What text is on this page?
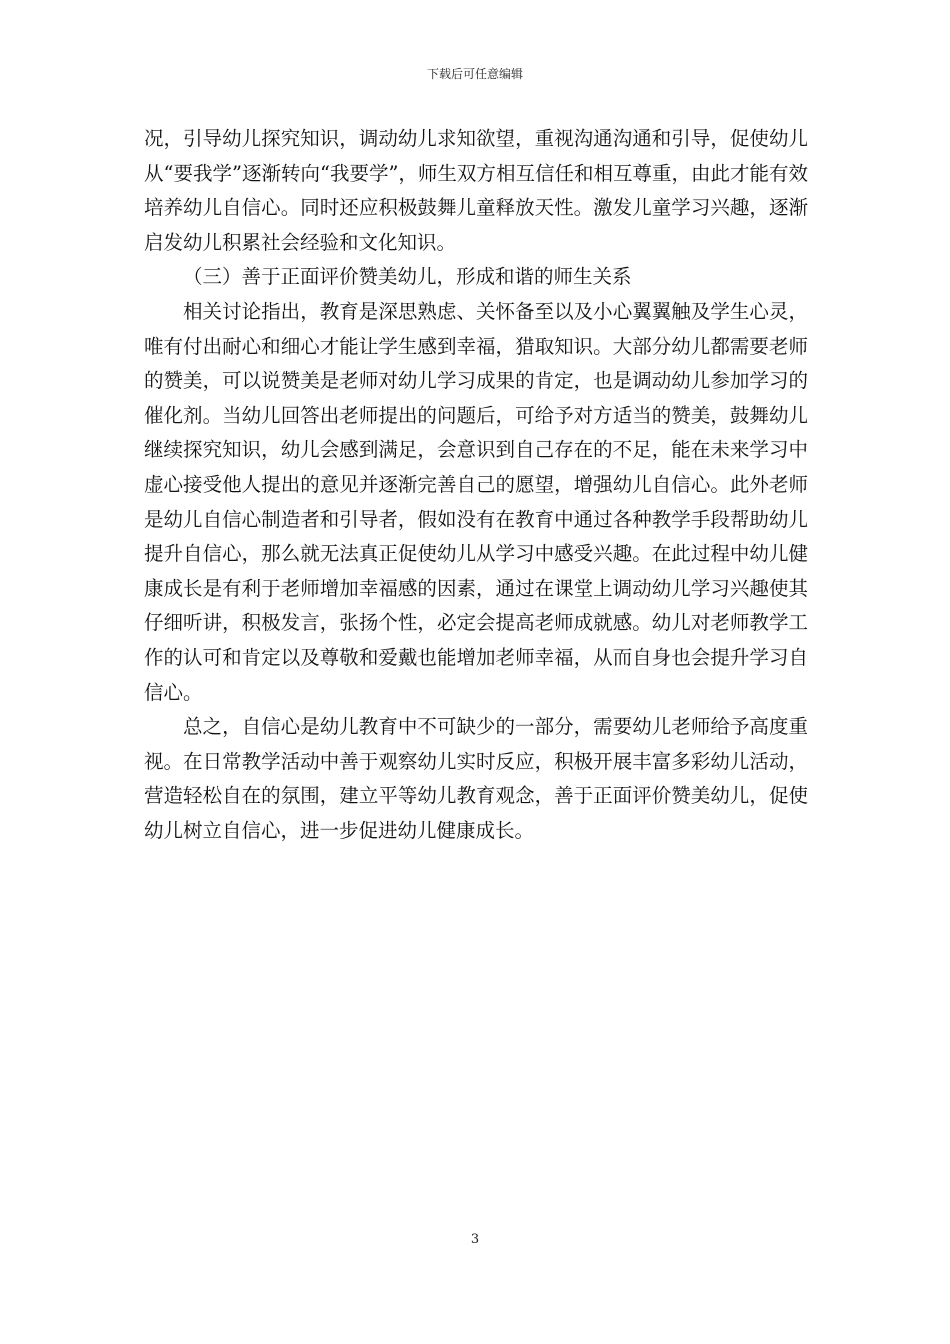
下载后可任意编辑

况，引导幼儿探究知识，调动幼儿求知欲望，重视沟通沟通和引导，促使幼儿从“要我学”逐渐转向“我要学”，师生双方相互信任和相互尊重，由此才能有效培养幼儿自信心。同时还应积极鼓舞儿童释放天性。激发儿童学习兴趣，逐渐启发幼儿积累社会经验和文化知识。

（三）善于正面评价赞美幼儿，形成和谐的师生关系

相关讨论指出，教育是深思熟虑、关怀备至以及小心翼翼触及学生心灵，唯有付出耐心和细心才能让学生感到幸福，猎取知识。大部分幼儿都需要老师的赞美，可以说赞美是老师对幼儿学习成果的肯定，也是调动幼儿参加学习的催化剂。当幼儿回答出老师提出的问题后，可给予对方适当的赞美，鼓舞幼儿继续探究知识，幼儿会感到满足，会意识到自己存在的不足，能在未来学习中虚心接受他人提出的意见并逐渐完善自己的愿望，增强幼儿自信心。此外老师是幼儿自信心制造者和引导者，假如没有在教育中通过各种教学手段帮助幼儿提升自信心，那么就无法真正促使幼儿从学习中感受兴趣。在此过程中幼儿健康成长是有利于老师增加幸福感的因素，通过在课堂上调动幼儿学习兴趣使其仔细听讲，积极发言，张扬个性，必定会提高老师成就感。幼儿对老师教学工作的认可和肯定以及尊敬和爱戴也能增加老师幸福，从而自身也会提升学习自信心。

总之，自信心是幼儿教育中不可缺少的一部分，需要幼儿老师给予高度重视。在日常教学活动中善于观察幼儿实时反应，积极开展丰富多彩幼儿活动，营造轻松自在的氛围，建立平等幼儿教育观念，善于正面评价赞美幼儿，促使幼儿树立自信心，进一步促进幼儿健康成长。

3
